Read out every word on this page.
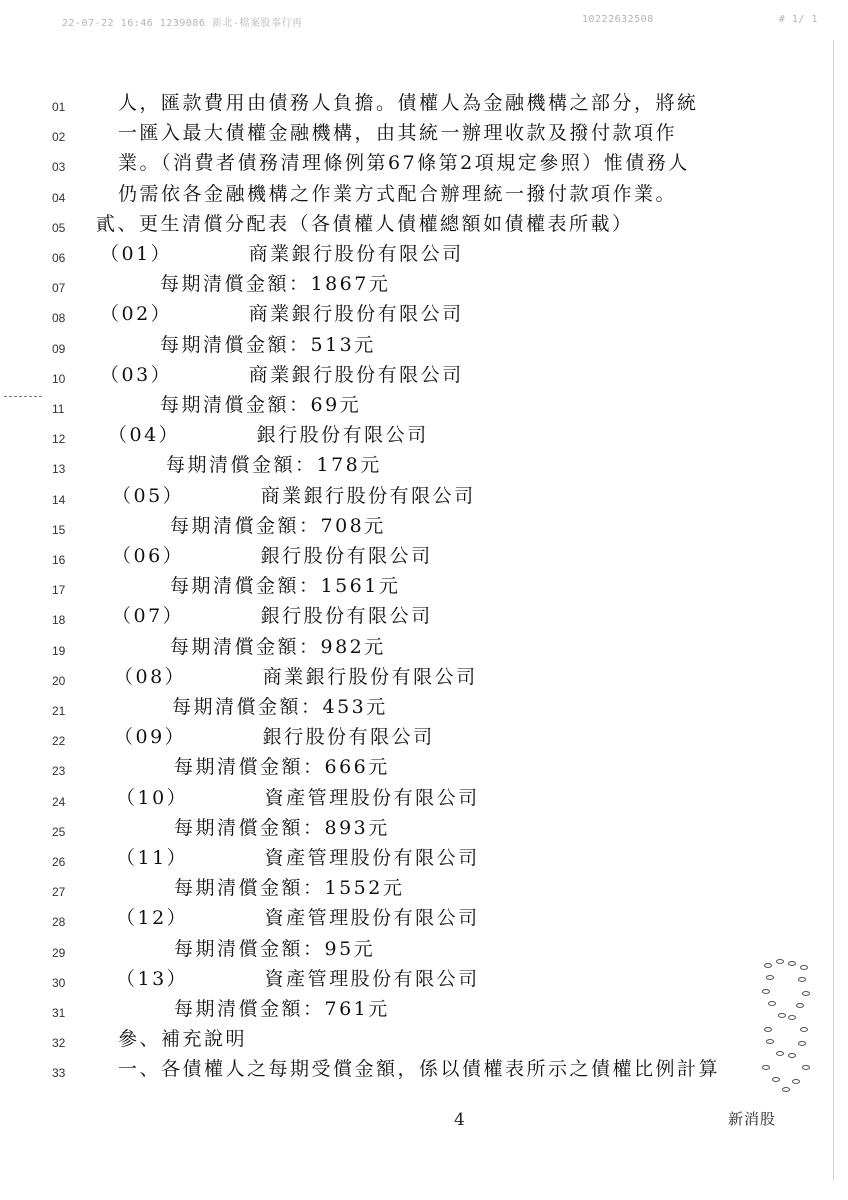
22-07-22 16:46 1239086 新北-檔案股事行再	10222632508	# 1/ 1
01	人，匯款費用由債務人負擔。債權人為金融機構之部分，將統
02	一匯入最大債權金融機構，由其統一辦理收款及撥付款項作
03	業。（消費者債務清理條例第67條第2項規定參照）惟債務人
04	仍需依各金融機構之作業方式配合辦理統一撥付款項作業。
05 貳、更生清償分配表（各債權人債權總額如債權表所載）
06 （01）　　　　商業銀行股份有限公司
07	每期清償金額：1867元
08 （02）　　　　商業銀行股份有限公司
09	每期清償金額：513元
10 （03）　　　　商業銀行股份有限公司
11	每期清償金額：69元
12 （04）　　　　銀行股份有限公司
13	每期清償金額：178元
14 （05）　　　　商業銀行股份有限公司
15	每期清償金額：708元
16 （06）　　　　銀行股份有限公司
17	每期清償金額：1561元
18 （07）　　　　銀行股份有限公司
19	每期清償金額：982元
20	（08）　　　　商業銀行股份有限公司
21	每期清償金額：453元
22	（09）　　　　銀行股份有限公司
23	每期清償金額：666元
24	（10）　　　　資產管理股份有限公司
25	每期清償金額：893元
26	（11）　　　　資產管理股份有限公司
27	每期清償金額：1552元
28	（12）　　　　資產管理股份有限公司
29	每期清償金額：95元
30	（13）　　　　資產管理股份有限公司
31	每期清償金額：761元
32	參、補充說明
33	一、各債權人之每期受償金額，係以債權表所示之債權比例計算
4	新消股
